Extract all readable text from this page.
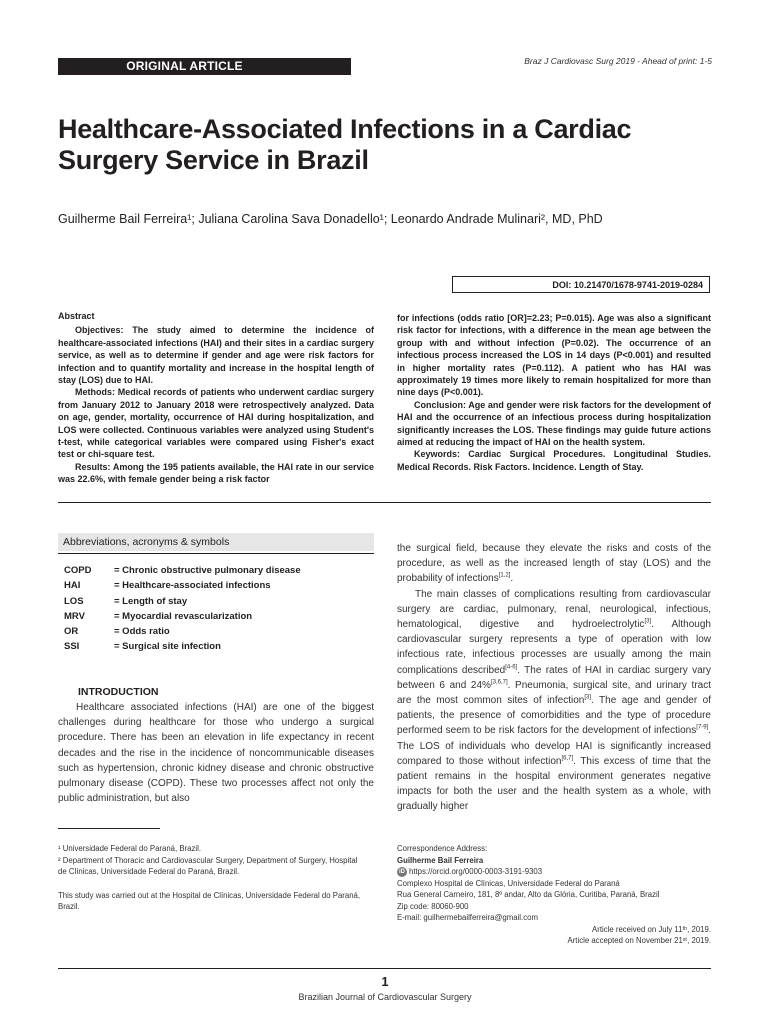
ORIGINAL ARTICLE	Braz J Cardiovasc Surg 2019 - Ahead of print: 1-5
Healthcare-Associated Infections in a Cardiac Surgery Service in Brazil
Guilherme Bail Ferreira¹; Juliana Carolina Sava Donadello¹; Leonardo Andrade Mulinari², MD, PhD
DOI: 10.21470/1678-9741-2019-0284

Abstract

Objectives: The study aimed to determine the incidence of healthcare-associated infections (HAI) and their sites in a cardiac surgery service, as well as to determine if gender and age were risk factors for infection and to quantify mortality and increase in the hospital length of stay (LOS) due to HAI.

Methods: Medical records of patients who underwent cardiac surgery from January 2012 to January 2018 were retrospectively analyzed. Data on age, gender, mortality, occurrence of HAI during hospitalization, and LOS were collected. Continuous variables were analyzed using Student's t-test, while categorical variables were compared using Fisher's exact test or chi-square test.

Results: Among the 195 patients available, the HAI rate in our service was 22.6%, with female gender being a risk factor

for infections (odds ratio [OR]=2.23; P=0.015). Age was also a significant risk factor for infections, with a difference in the mean age between the group with and without infection (P=0.02). The occurrence of an infectious process increased the LOS in 14 days (P<0.001) and resulted in higher mortality rates (P=0.112). A patient who has HAI was approximately 19 times more likely to remain hospitalized for more than nine days (P<0.001).

Conclusion: Age and gender were risk factors for the development of HAI and the occurrence of an infectious process during hospitalization significantly increases the LOS. These findings may guide future actions aimed at reducing the impact of HAI on the health system.

Keywords: Cardiac Surgical Procedures. Longitudinal Studies. Medical Records. Risk Factors. Incidence. Length of Stay.

Abbreviations, acronyms & symbols
COPD	= Chronic obstructive pulmonary disease
HAI	= Healthcare-associated infections
LOS	= Length of stay
MRV	= Myocardial revascularization
OR	= Odds ratio
SSI	= Surgical site infection
INTRODUCTION

Healthcare associated infections (HAI) are one of the biggest challenges during healthcare for those who undergo a surgical procedure. There has been an elevation in life expectancy in recent decades and the rise in the incidence of noncommunicable diseases such as hypertension, chronic kidney disease and chronic obstructive pulmonary disease (COPD). These two processes affect not only the public administration, but also

the surgical field, because they elevate the risks and costs of the procedure, as well as the increased length of stay (LOS) and the probability of infections[1,2].

The main classes of complications resulting from cardiovascular surgery are cardiac, pulmonary, renal, neurological, infectious, hematological, digestive and hydroelectrolytic[3]. Although cardiovascular surgery represents a type of operation with low infectious rate, infectious processes are usually among the main complications described[4-6]. The rates of HAI in cardiac surgery vary between 6 and 24%[3,6,7]. Pneumonia, surgical site, and urinary tract are the most common sites of infection[3]. The age and gender of patients, the presence of comorbidities and the type of procedure performed seem to be risk factors for the development of infections[7-9]. The LOS of individuals who develop HAI is significantly increased compared to those without infection[6,7]. This excess of time that the patient remains in the hospital environment generates negative impacts for both the user and the health system as a whole, with gradually higher

¹ Universidade Federal do Paraná, Brazil.
² Department of Thoracic and Cardiovascular Surgery, Department of Surgery, Hospital de Clínicas, Universidade Federal do Paraná, Brazil.
This study was carried out at the Hospital de Clínicas, Universidade Federal do Paraná, Brazil.
Correspondence Address:
Guilherme Bail Ferreira
iD https://orcid.org/0000-0003-3191-9303
Complexo Hospital de Clínicas, Universidade Federal do Paraná
Rua General Carneiro, 181, 8º andar, Alto da Glória, Curitiba, Paraná, Brazil
Zip code: 80060-900
E-mail: guilhermebailferreira@gmail.com
Article received on July 11ᵗʰ, 2019.
Article accepted on November 21ˢᵗ, 2019.
1
Brazilian Journal of Cardiovascular Surgery
